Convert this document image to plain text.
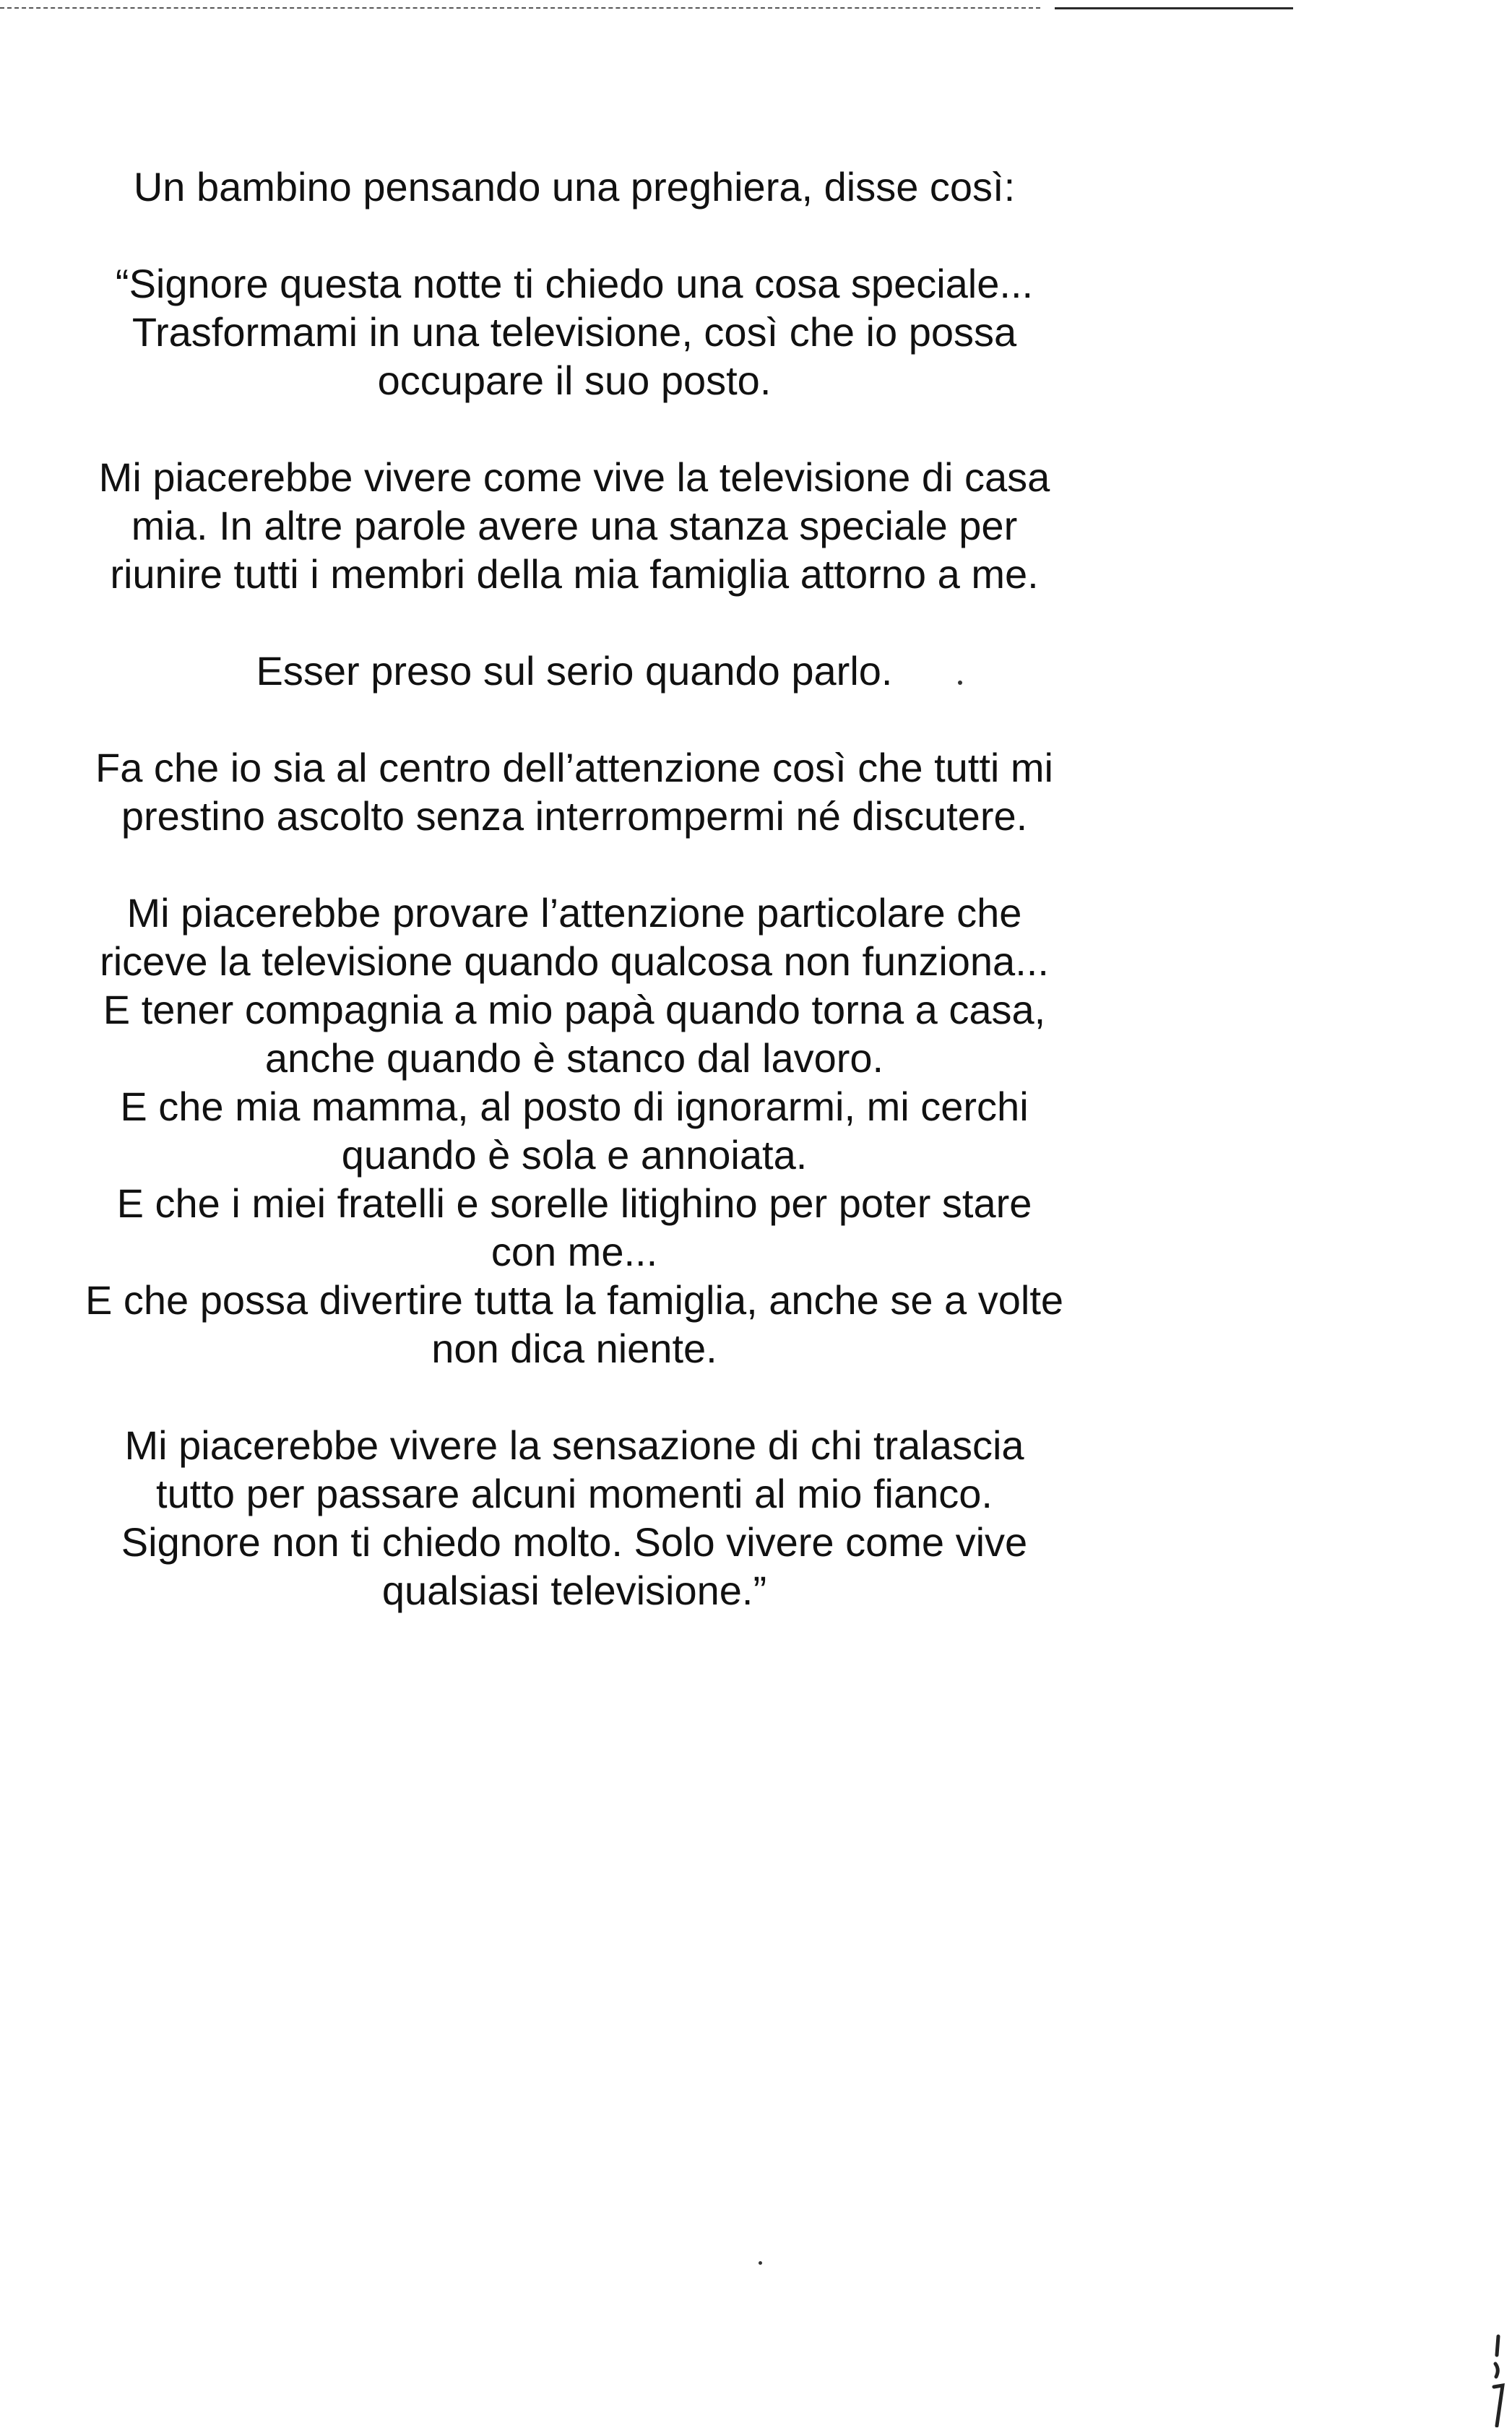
Un bambino pensando una preghiera, disse così:

“Signore questa notte ti chiedo una cosa speciale...
Trasformami in una televisione, così che io possa
occupare il suo posto.

Mi piacerebbe vivere come vive la televisione di casa
mia. In altre parole avere una stanza speciale per
riunire tutti i membri della mia famiglia attorno a me.

Esser preso sul serio quando parlo.

Fa che io sia al centro dell’attenzione così che tutti mi
prestino ascolto senza interrompermi né discutere.

Mi piacerebbe provare l’attenzione particolare che
riceve la televisione quando qualcosa non funziona...
E tener compagnia a mio papà quando torna a casa,
anche quando è stanco dal lavoro.
E che mia mamma, al posto di ignorarmi, mi cerchi
quando è sola e annoiata.
E che i miei fratelli e sorelle litighino per poter stare
con me...
E che possa divertire tutta la famiglia, anche se a volte
non dica niente.

Mi piacerebbe vivere la sensazione di chi tralascia
tutto per passare alcuni momenti al mio fianco.
Signore non ti chiedo molto. Solo vivere come vive
qualsiasi televisione.”
